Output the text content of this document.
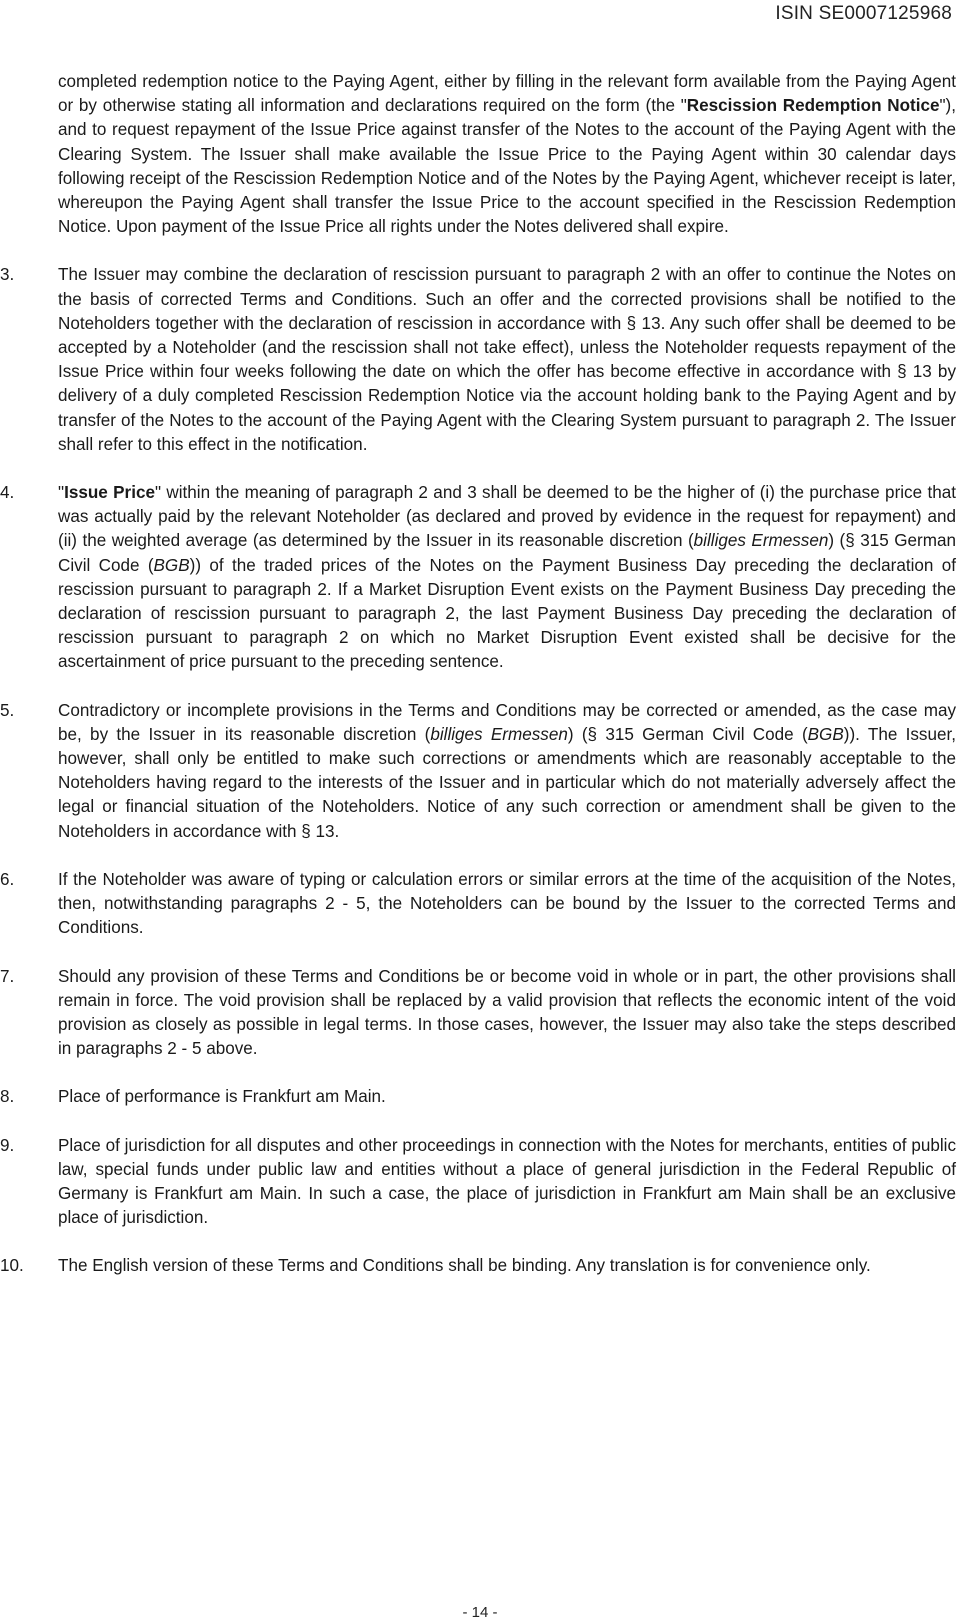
ISIN SE0007125968

completed redemption notice to the Paying Agent, either by filling in the relevant form available from the Paying Agent or by otherwise stating all information and declarations required on the form (the "Rescission Redemption Notice"), and to request repayment of the Issue Price against transfer of the Notes to the account of the Paying Agent with the Clearing System. The Issuer shall make available the Issue Price to the Paying Agent within 30 calendar days following receipt of the Rescission Redemption Notice and of the Notes by the Paying Agent, whichever receipt is later, whereupon the Paying Agent shall transfer the Issue Price to the account specified in the Rescission Redemption Notice. Upon payment of the Issue Price all rights under the Notes delivered shall expire.

3.	The Issuer may combine the declaration of rescission pursuant to paragraph 2 with an offer to continue the Notes on the basis of corrected Terms and Conditions. Such an offer and the corrected provisions shall be notified to the Noteholders together with the declaration of rescission in accordance with § 13. Any such offer shall be deemed to be accepted by a Noteholder (and the rescission shall not take effect), unless the Noteholder requests repayment of the Issue Price within four weeks following the date on which the offer has become effective in accordance with § 13 by delivery of a duly completed Rescission Redemption Notice via the account holding bank to the Paying Agent and by transfer of the Notes to the account of the Paying Agent with the Clearing System pursuant to paragraph 2. The Issuer shall refer to this effect in the notification.
4.	"Issue Price" within the meaning of paragraph 2 and 3 shall be deemed to be the higher of (i) the purchase price that was actually paid by the relevant Noteholder (as declared and proved by evidence in the request for repayment) and (ii) the weighted average (as determined by the Issuer in its reasonable discretion (billiges Ermessen) (§ 315 German Civil Code (BGB)) of the traded prices of the Notes on the Payment Business Day preceding the declaration of rescission pursuant to paragraph 2. If a Market Disruption Event exists on the Payment Business Day preceding the declaration of rescission pursuant to paragraph 2, the last Payment Business Day preceding the declaration of rescission pursuant to paragraph 2 on which no Market Disruption Event existed shall be decisive for the ascertainment of price pursuant to the preceding sentence.
5.	Contradictory or incomplete provisions in the Terms and Conditions may be corrected or amended, as the case may be, by the Issuer in its reasonable discretion (billiges Ermessen) (§ 315 German Civil Code (BGB)). The Issuer, however, shall only be entitled to make such corrections or amendments which are reasonably acceptable to the Noteholders having regard to the interests of the Issuer and in particular which do not materially adversely affect the legal or financial situation of the Noteholders. Notice of any such correction or amendment shall be given to the Noteholders in accordance with § 13.
6.	If the Noteholder was aware of typing or calculation errors or similar errors at the time of the acquisition of the Notes, then, notwithstanding paragraphs 2 - 5, the Noteholders can be bound by the Issuer to the corrected Terms and Conditions.
7.	Should any provision of these Terms and Conditions be or become void in whole or in part, the other provisions shall remain in force. The void provision shall be replaced by a valid provision that reflects the economic intent of the void provision as closely as possible in legal terms. In those cases, however, the Issuer may also take the steps described in paragraphs 2 - 5 above.
8.	Place of performance is Frankfurt am Main.
9.	Place of jurisdiction for all disputes and other proceedings in connection with the Notes for merchants, entities of public law, special funds under public law and entities without a place of general jurisdiction in the Federal Republic of Germany is Frankfurt am Main. In such a case, the place of jurisdiction in Frankfurt am Main shall be an exclusive place of jurisdiction.
10.	The English version of these Terms and Conditions shall be binding. Any translation is for convenience only.
- 14 -
